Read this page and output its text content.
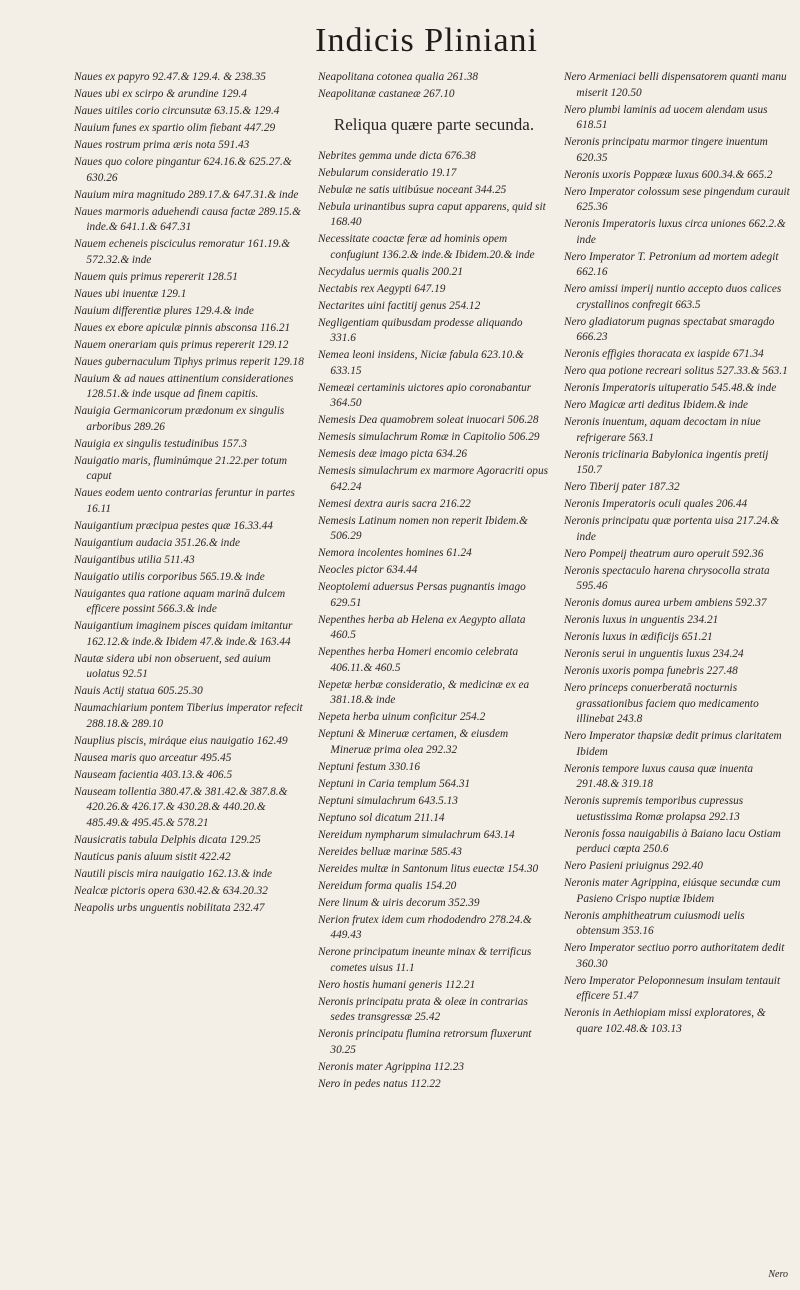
Indicis Pliniani
Naues ex papyro 92.47.& 129.4. & 238.35
Naues ubi ex scirpo & arundine 129.4
Naues uitiles corio circunsutæ 63.15.& 129.4
Nauium funes ex spartio olim fiebant 447.29
Naues rostrum prima æris nota 591.43
Naues quo colore pingantur 624.16.& 625.27.& 630.26
Nauium mira magnitudo 289.17.& 647.31.& inde
Naues marmoris aduehendi causa factæ 289.15.& inde.& 641.1.& 647.31
Nauem echeneis pisciculus remoratur 161.19.& 572.32.& inde
Nauem quis primus repererit 128.51
Naues ubi inuentæ 129.1
Nauium differentiæ plures 129.4.& inde
Naues ex ebore apiculæ pinnis absconsa 116.21
Nauem onerariam quis primus repererit 129.12
Naues gubernaculum Tiphys primus reperit 129.18
Nauium & ad naues attinentium considerationes 128.51.& inde usque ad finem capitis.
Nauigia Germanicorum prædonum ex singulis arboribus 289.26
Nauigia ex singulis testudinibus 157.3
Nauigatio maris, fluminúmque 21.22.per totum caput
Naues eodem uento contrarias feruntur in partes 16.11
Nauigantium præcipua pestes quæ 16.33.44
Nauigantium audacia 351.26.& inde
Nauigantibus utilia 511.43
Nauigatio utilis corporibus 565.19.& inde
Nauigantes qua ratione aquam marinā dulcem efficere possint 566.3.& inde
Nauigantium imaginem pisces quidam imitantur 162.12.& inde.& Ibidem 47.& inde.& 163.44
Nautæ sidera ubi non obseruent, sed auium uolatus 92.51
Nauis Actij statua 605.25.30
Naumachiarium pontem Tiberius imperator refecit 288.18.& 289.10
Nauplius piscis, miráque eius nauigatio 162.49
Nausea maris quo arceatur 495.45
Nauseam facientia 403.13.& 406.5
Nauseam tollentia 380.47.& 381.42.& 387.8.& 420.26.& 426.17.& 430.28.& 440.20.& 485.49.& 495.45.& 578.21
Nausicratis tabula Delphis dicata 129.25
Nauticus panis aluum sistit 422.42
Nautili piscis mira nauigatio 162.13.& inde
Nealcæ pictoris opera 630.42.& 634.20.32
Neapolis urbs unguentis nobilitata 232.47
Neapolitana cotonea qualia 261.38
Neapolitanæ castaneæ 267.10
Reliqua quære parte secunda.
Nebrites gemma unde dicta 676.38
Nebularum consideratio 19.17
Nebulæ ne satis uitibúsue noceant 344.25
Nebula urinantibus supra caput apparens, quid sit 168.40
Necessitate coactæ feræ ad hominis opem confugiunt 136.2.& inde.& Ibidem.20.& inde
Necydalus uermis qualis 200.21
Nectabis rex Aegypti 647.19
Nectarites uini factitij genus 254.12
Negligentiam quibusdam prodesse aliquando 331.6
Nemea leoni insidens, Niciæ fabula 623.10.& 633.15
Nemeæi certaminis uictores apio coronabantur 364.50
Nemesis Dea quamobrem soleat inuocari 506.28
Nemesis simulachrum Romæ in Capitolio 506.29
Nemesis deæ imago picta 634.26
Nemesis simulachrum ex marmore Agoracriti opus 642.24
Nemesi dextra auris sacra 216.22
Nemesis Latinum nomen non reperit Ibidem.& 506.29
Nemora incolentes homines 61.24
Neocles pictor 634.44
Neoptolemi aduersus Persas pugnantis imago 629.51
Nepenthes herba ab Helena ex Aegypto allata 460.5
Nepenthes herba Homeri encomio celebrata 406.11.& 460.5
Nepetæ herbæ consideratio, & medicinæ ex ea 381.18.& inde
Nepeta herba uinum conficitur 254.2
Neptuni & Mineruæ certamen, & eiusdem Mineruæ prima olea 292.32
Neptuni festum 330.16
Neptuni in Caria templum 564.31
Neptuni simulachrum 643.5.13
Neptuno sol dicatum 211.14
Nereidum nympharum simulachrum 643.14
Nereides belluæ marinæ 585.43
Nereides multæ in Santonum litus euectæ 154.30
Nereidum forma qualis 154.20
Nere linum & uiris decorum 352.39
Nerion frutex idem cum rhododendro 278.24.& 449.43
Nerone principatum ineunte minax & terrificus cometes uisus 11.1
Nero hostis humani generis 112.21
Neronis principatu prata & oleæ in contrarias sedes transgressæ 25.42
Neronis principatu flumina retrorsum fluxerunt 30.25
Neronis mater Agrippina 112.23
Nero in pedes natus 112.22
Nero Armeniaci belli dispensatorem quanti manu miserit 120.50
Nero plumbi laminis ad uocem alendam usus 618.51
Neronis principatu marmor tingere inuentum 620.35
Neronis uxoris Poppææ luxus 600.34.& 665.2
Nero Imperator colossum sese pingendum curauit 625.36
Neronis Imperatoris luxus circa uniones 662.2.& inde
Nero Imperator T. Petronium ad mortem adegit 662.16
Nero amissi imperij nuntio accepto duos calices crystallinos confregit 663.5
Nero gladiatorum pugnas spectabat smaragdo 666.23
Neronis effigies thoracata ex iaspide 671.34
Nero qua potione recreari solitus 527.33.& 563.1
Neronis Imperatoris uituperatio 545.48.& inde
Nero Magicæ arti deditus Ibidem.& inde
Neronis inuentum, aquam decoctam in niue refrigerare 563.1
Neronis triclinaria Babylonica ingentis pretij 150.7
Nero Tiberij pater 187.32
Neronis Imperatoris oculi quales 206.44
Neronis principatu quæ portenta uisa 217.24.& inde
Nero Pompeij theatrum auro operuit 592.36
Neronis spectaculo harena chrysocolla strata 595.46
Neronis domus aurea urbem ambiens 592.37
Neronis luxus in unguentis 234.21
Neronis luxus in ædificijs 651.21
Neronis serui in unguentis luxus 234.24
Neronis uxoris pompa funebris 227.48
Nero princeps conuerberatā nocturnis grassationibus faciem quo medicamento illinebat 243.8
Nero Imperator thapsiæ dedit primus claritatem Ibidem
Neronis tempore luxus causa quæ inuenta 291.48.& 319.18
Neronis supremis temporibus cupressus uetustissima Romæ prolapsa 292.13
Neronis fossa nauigabilis à Baiano lacu Ostiam perduci cœpta 250.6
Nero Pasieni priuignus 292.40
Neronis mater Agrippina, eiúsque secundæ cum Pasieno Crispo nuptiæ Ibidem
Neronis amphitheatrum cuiusmodi uelis obtensum 353.16
Nero Imperator sectiuo porro authoritatem dedit 360.30
Nero Imperator Peloponnesum insulam tentauit efficere 51.47
Neronis in Aethiopiam missi exploratores, & quare 102.48.& 103.13
Nero
